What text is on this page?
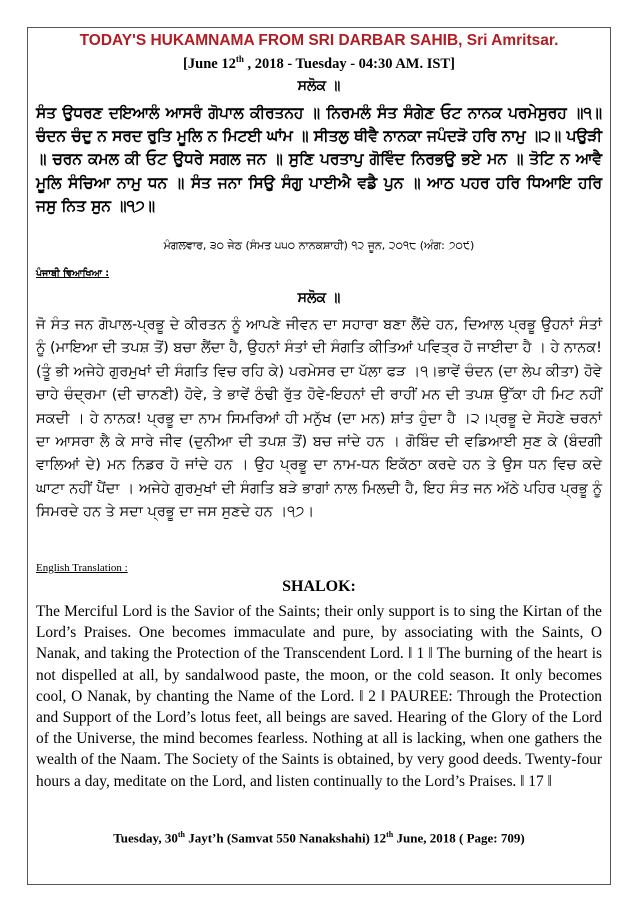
TODAY'S HUKAMNAMA FROM SRI DARBAR SAHIB, Sri Amritsar.
[June 12th , 2018 - Tuesday - 04:30 AM. IST]
ਸਲੋਕ ॥
ਸੰਤ ਉਧਰਣ ਦਇਆਲੰ ਆਸਰੰ ਗੋਪਾਲ ਕੀਰਤਨਹ ॥ ਨਿਰਮਲੰ ਸੰਤ ਸੰਗੇਣ ਓਟ ਨਾਨਕ ਪਰਮੇਸੁਰਹ ॥੧॥ ਚੰਦਨ ਚੰਦੁ ਨ ਸਰਦ ਰੁਤਿ ਮੂਲਿ ਨ ਮਿਟਈ ਘਾਂਮ ॥ ਸੀਤਲੁ ਥੀਵੈ ਨਾਨਕਾ ਜਪੰਦੜੋ ਹਰਿ ਨਾਮੁ ॥੨॥ ਪਉੜੀ ॥ ਚਰਨ ਕਮਲ ਕੀ ਓਟ ਉਧਰੇ ਸਗਲ ਜਨ ॥ ਸੁਣਿ ਪਰਤਾਪੁ ਗੋਵਿੰਦ ਨਿਰਭਉ ਭਏ ਮਨ ॥ ਤੋਟਿ ਨ ਆਵੈ ਮੂਲਿ ਸੰਚਿਆ ਨਾਮੁ ਧਨ ॥ ਸੰਤ ਜਨਾ ਸਿਉ ਸੰਗੁ ਪਾਈਐ ਵਡੈ ਪੁਨ ॥ ਆਠ ਪਹਰ ਹਰਿ ਧਿਆਇ ਹਰਿ ਜਸੁ ਨਿਤ ਸੁਨ ॥੧੭॥
ਮੰਗਲਵਾਰ, ੩੦ ਜੇਠ (ਸੰਮਤ ੫੫੦ ਨਾਨਕਸ਼ਾਹੀ) ੧੨ ਜੂਨ, ੨੦੧੮ (ਅੰਗ: ੭੦੯)
ਪੰਜਾਬੀ ਵਿਆਖਿਆ :
ਸਲੋਕ ॥
ਜੋ ਸੰਤ ਜਨ ਗੋਪਾਲ-ਪ੍ਰਭੂ ਦੇ ਕੀਰਤਨ ਨੂੰ ਆਪਣੇ ਜੀਵਨ ਦਾ ਸਹਾਰਾ ਬਣਾ ਲੈਂਦੇ ਹਨ, ਦਿਆਲ ਪ੍ਰਭੂ ਉਹਨਾਂ ਸੰਤਾਂ ਨੂੰ (ਮਾਇਆ ਦੀ ਤਪਸ਼ ਤੋਂ) ਬਚਾ ਲੈਂਦਾ ਹੈ, ਉਹਨਾਂ ਸੰਤਾਂ ਦੀ ਸੰਗਤਿ ਕੀਤਿਆਂ ਪਵਿਤ੍ਰ ਹੋ ਜਾਈਦਾ ਹੈ । ਹੇ ਨਾਨਕ! (ਤੂੰ ਭੀ ਅਜੇਹੇ ਗੁਰਮੁਖਾਂ ਦੀ ਸੰਗਤਿ ਵਿਚ ਰਹਿ ਕੇ) ਪਰਮੇਸਰ ਦਾ ਪੱਲਾ ਫੜ ।੧।ਭਾਵੇਂ ਚੰਦਨ (ਦਾ ਲੇਪ ਕੀਤਾ) ਹੋਵੇ ਚਾਹੇ ਚੰਦ੍ਰਮਾ (ਦੀ ਚਾਨਣੀ) ਹੋਵੇ, ਤੇ ਭਾਵੇਂ ਠੰਢੀ ਰੁੱਤ ਹੋਵੇ-ਇਹਨਾਂ ਦੀ ਰਾਹੀਂ ਮਨ ਦੀ ਤਪਸ਼ ਉੱਕਾ ਹੀ ਮਿਟ ਨਹੀਂ ਸਕਦੀ । ਹੇ ਨਾਨਕ! ਪ੍ਰਭੂ ਦਾ ਨਾਮ ਸਿਮਰਿਆਂ ਹੀ ਮਨੁੱਖ (ਦਾ ਮਨ) ਸ਼ਾਂਤ ਹੁੰਦਾ ਹੈ ।੨।ਪ੍ਰਭੂ ਦੇ ਸੋਹਣੇ ਚਰਨਾਂ ਦਾ ਆਸਰਾ ਲੈ ਕੇ ਸਾਰੇ ਜੀਵ (ਦੁਨੀਆ ਦੀ ਤਪਸ਼ ਤੋਂ) ਬਚ ਜਾਂਦੇ ਹਨ । ਗੋਬਿੰਦ ਦੀ ਵਡਿਆਈ ਸੁਣ ਕੇ (ਬੰਦਗੀ ਵਾਲਿਆਂ ਦੇ) ਮਨ ਨਿਡਰ ਹੋ ਜਾਂਦੇ ਹਨ । ਉਹ ਪ੍ਰਭੂ ਦਾ ਨਾਮ-ਧਨ ਇਕੱਠਾ ਕਰਦੇ ਹਨ ਤੇ ਉਸ ਧਨ ਵਿਚ ਕਦੇ ਘਾਟਾ ਨਹੀਂ ਪੈਂਦਾ । ਅਜੇਹੇ ਗੁਰਮੁਖਾਂ ਦੀ ਸੰਗਤਿ ਬੜੇ ਭਾਗਾਂ ਨਾਲ ਮਿਲਦੀ ਹੈ, ਇਹ ਸੰਤ ਜਨ ਅੱਠੇ ਪਹਿਰ ਪ੍ਰਭੂ ਨੂੰ ਸਿਮਰਦੇ ਹਨ ਤੇ ਸਦਾ ਪ੍ਰਭੂ ਦਾ ਜਸ ਸੁਣਦੇ ਹਨ ।੧੭।
English Translation :
SHALOK:
The Merciful Lord is the Savior of the Saints; their only support is to sing the Kirtan of the Lord’s Praises. One becomes immaculate and pure, by associating with the Saints, O Nanak, and taking the Protection of the Transcendent Lord. ‖ 1 ‖ The burning of the heart is not dispelled at all, by sandalwood paste, the moon, or the cold season. It only becomes cool, O Nanak, by chanting the Name of the Lord. ‖ 2 ‖ PAUREE: Through the Protection and Support of the Lord’s lotus feet, all beings are saved. Hearing of the Glory of the Lord of the Universe, the mind becomes fearless. Nothing at all is lacking, when one gathers the wealth of the Naam. The Society of the Saints is obtained, by very good deeds. Twenty-four hours a day, meditate on the Lord, and listen continually to the Lord’s Praises. ‖ 17 ‖
Tuesday, 30th Jayt’h (Samvat 550 Nanakshahi) 12th June, 2018 ( Page: 709)
